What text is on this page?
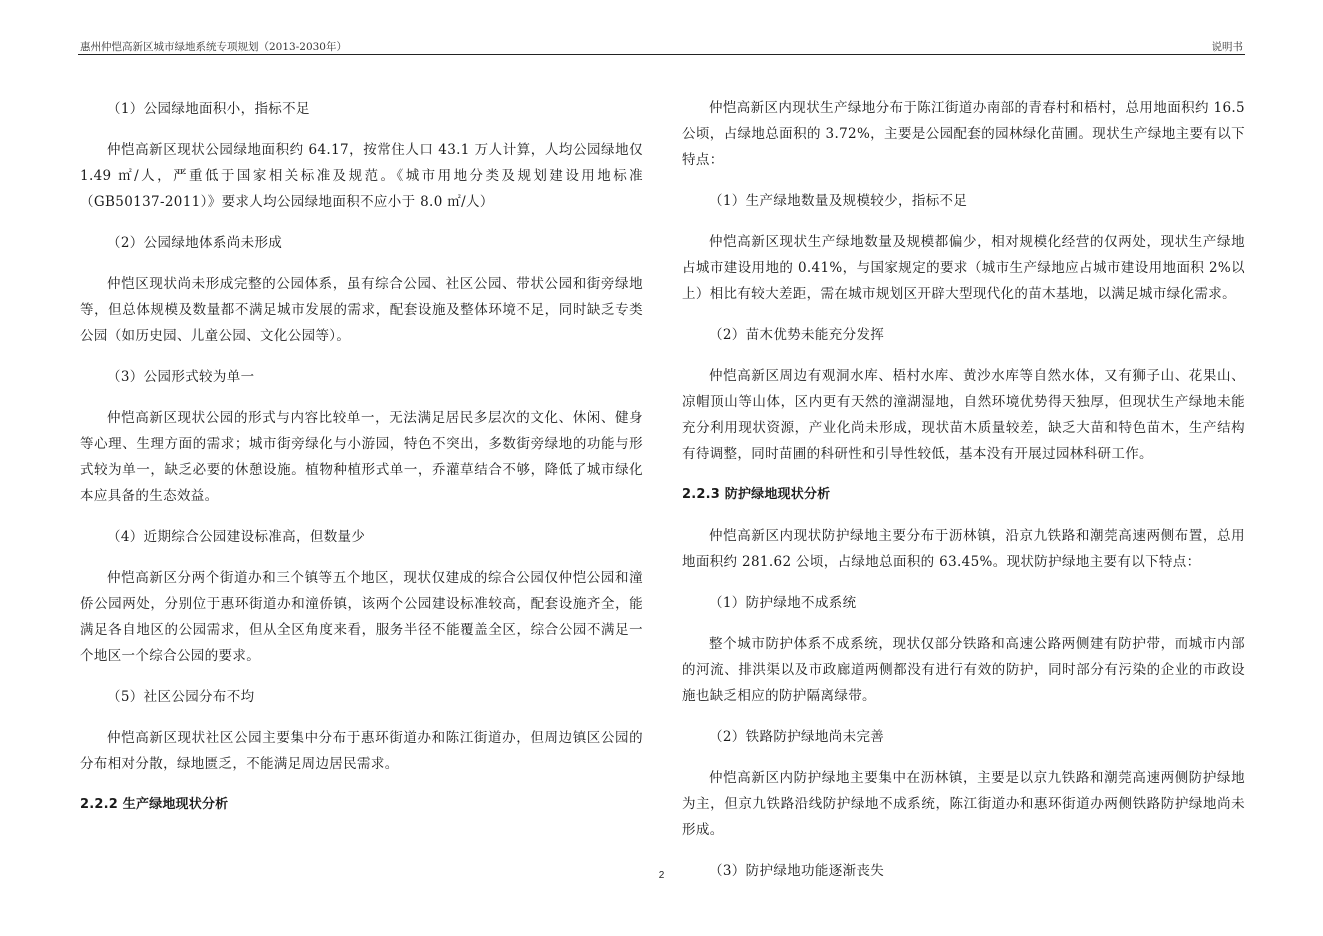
惠州仲恺高新区城市绿地系统专项规划（2013-2030年）	说明书

（1）公园绿地面积小，指标不足

仲恺高新区现状公园绿地面积约 64.17，按常住人口 43.1 万人计算，人均公园绿地仅 1.49 ㎡/人，严重低于国家相关标准及规范。《城市用地分类及规划建设用地标准（GB50137-2011）》要求人均公园绿地面积不应小于 8.0 ㎡/人）

（2）公园绿地体系尚未形成

仲恺区现状尚未形成完整的公园体系，虽有综合公园、社区公园、带状公园和街旁绿地等，但总体规模及数量都不满足城市发展的需求，配套设施及整体环境不足，同时缺乏专类公园（如历史园、儿童公园、文化公园等）。

（3）公园形式较为单一

仲恺高新区现状公园的形式与内容比较单一，无法满足居民多层次的文化、休闲、健身等心理、生理方面的需求；城市街旁绿化与小游园，特色不突出，多数街旁绿地的功能与形式较为单一，缺乏必要的休憩设施。植物种植形式单一，乔灌草结合不够，降低了城市绿化本应具备的生态效益。

（4）近期综合公园建设标准高，但数量少

仲恺高新区分两个街道办和三个镇等五个地区，现状仅建成的综合公园仅仲恺公园和潼侨公园两处，分别位于惠环街道办和潼侨镇，该两个公园建设标准较高，配套设施齐全，能满足各自地区的公园需求，但从全区角度来看，服务半径不能覆盖全区，综合公园不满足一个地区一个综合公园的要求。

（5）社区公园分布不均

仲恺高新区现状社区公园主要集中分布于惠环街道办和陈江街道办，但周边镇区公园的分布相对分散，绿地匮乏，不能满足周边居民需求。

2.2.2 生产绿地现状分析

仲恺高新区内现状生产绿地分布于陈江街道办南部的青春村和梧村，总用地面积约 16.5 公顷，占绿地总面积的 3.72%，主要是公园配套的园林绿化苗圃。现状生产绿地主要有以下特点：

（1）生产绿地数量及规模较少，指标不足

仲恺高新区现状生产绿地数量及规模都偏少，相对规模化经营的仅两处，现状生产绿地占城市建设用地的 0.41%，与国家规定的要求（城市生产绿地应占城市建设用地面积 2%以上）相比有较大差距，需在城市规划区开辟大型现代化的苗木基地，以满足城市绿化需求。

（2）苗木优势未能充分发挥

仲恺高新区周边有观洞水库、梧村水库、黄沙水库等自然水体，又有狮子山、花果山、凉帽顶山等山体，区内更有天然的潼湖湿地，自然环境优势得天独厚，但现状生产绿地未能充分利用现状资源，产业化尚未形成，现状苗木质量较差，缺乏大苗和特色苗木，生产结构有待调整，同时苗圃的科研性和引导性较低，基本没有开展过园林科研工作。

2.2.3 防护绿地现状分析

仲恺高新区内现状防护绿地主要分布于沥林镇，沿京九铁路和潮莞高速两侧布置，总用地面积约 281.62 公顷，占绿地总面积的 63.45%。现状防护绿地主要有以下特点：

（1）防护绿地不成系统

整个城市防护体系不成系统，现状仅部分铁路和高速公路两侧建有防护带，而城市内部的河流、排洪渠以及市政廊道两侧都没有进行有效的防护，同时部分有污染的企业的市政设施也缺乏相应的防护隔离绿带。

（2）铁路防护绿地尚未完善

仲恺高新区内防护绿地主要集中在沥林镇，主要是以京九铁路和潮莞高速两侧防护绿地为主，但京九铁路沿线防护绿地不成系统，陈江街道办和惠环街道办两侧铁路防护绿地尚未形成。

（3）防护绿地功能逐渐丧失

2
